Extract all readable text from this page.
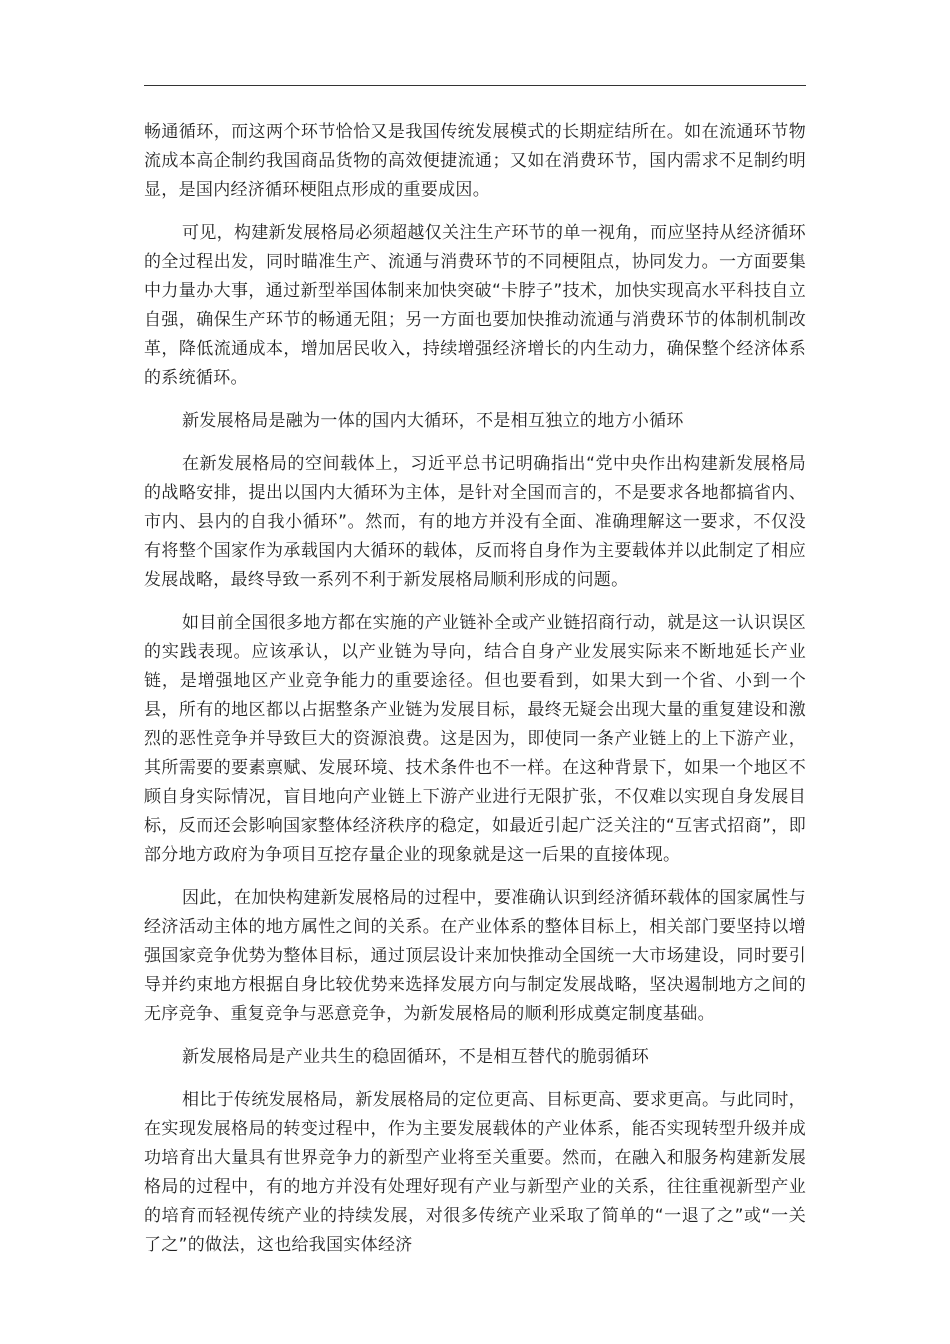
畅通循环，而这两个环节恰恰又是我国传统发展模式的长期症结所在。如在流通环节物流成本高企制约我国商品货物的高效便捷流通；又如在消费环节，国内需求不足制约明显，是国内经济循环梗阻点形成的重要成因。

可见，构建新发展格局必须超越仅关注生产环节的单一视角，而应坚持从经济循环的全过程出发，同时瞄准生产、流通与消费环节的不同梗阻点，协同发力。一方面要集中力量办大事，通过新型举国体制来加快突破“卡脖子”技术，加快实现高水平科技自立自强，确保生产环节的畅通无阻；另一方面也要加快推动流通与消费环节的体制机制改革，降低流通成本，增加居民收入，持续增强经济增长的内生动力，确保整个经济体系的系统循环。

新发展格局是融为一体的国内大循环，不是相互独立的地方小循环

在新发展格局的空间载体上，习近平总书记明确指出“党中央作出构建新发展格局的战略安排，提出以国内大循环为主体，是针对全国而言的，不是要求各地都搞省内、市内、县内的自我小循环”。然而，有的地方并没有全面、准确理解这一要求，不仅没有将整个国家作为承载国内大循环的载体，反而将自身作为主要载体并以此制定了相应发展战略，最终导致一系列不利于新发展格局顺利形成的问题。

如目前全国很多地方都在实施的产业链补全或产业链招商行动，就是这一认识误区的实践表现。应该承认，以产业链为导向，结合自身产业发展实际来不断地延长产业链，是增强地区产业竞争能力的重要途径。但也要看到，如果大到一个省、小到一个县，所有的地区都以占据整条产业链为发展目标，最终无疑会出现大量的重复建设和激烈的恶性竞争并导致巨大的资源浪费。这是因为，即使同一条产业链上的上下游产业，其所需要的要素禀赋、发展环境、技术条件也不一样。在这种背景下，如果一个地区不顾自身实际情况，盲目地向产业链上下游产业进行无限扩张，不仅难以实现自身发展目标，反而还会影响国家整体经济秩序的稳定，如最近引起广泛关注的“互害式招商”，即部分地方政府为争项目互挖存量企业的现象就是这一后果的直接体现。

因此，在加快构建新发展格局的过程中，要准确认识到经济循环载体的国家属性与经济活动主体的地方属性之间的关系。在产业体系的整体目标上，相关部门要坚持以增强国家竞争优势为整体目标，通过顶层设计来加快推动全国统一大市场建设，同时要引导并约束地方根据自身比较优势来选择发展方向与制定发展战略，坚决遏制地方之间的无序竞争、重复竞争与恶意竞争，为新发展格局的顺利形成奠定制度基础。

新发展格局是产业共生的稳固循环，不是相互替代的脆弱循环

相比于传统发展格局，新发展格局的定位更高、目标更高、要求更高。与此同时，在实现发展格局的转变过程中，作为主要发展载体的产业体系，能否实现转型升级并成功培育出大量具有世界竞争力的新型产业将至关重要。然而，在融入和服务构建新发展格局的过程中，有的地方并没有处理好现有产业与新型产业的关系，往往重视新型产业的培育而轻视传统产业的持续发展，对很多传统产业采取了简单的“一退了之”或“一关了之”的做法，这也给我国实体经济
